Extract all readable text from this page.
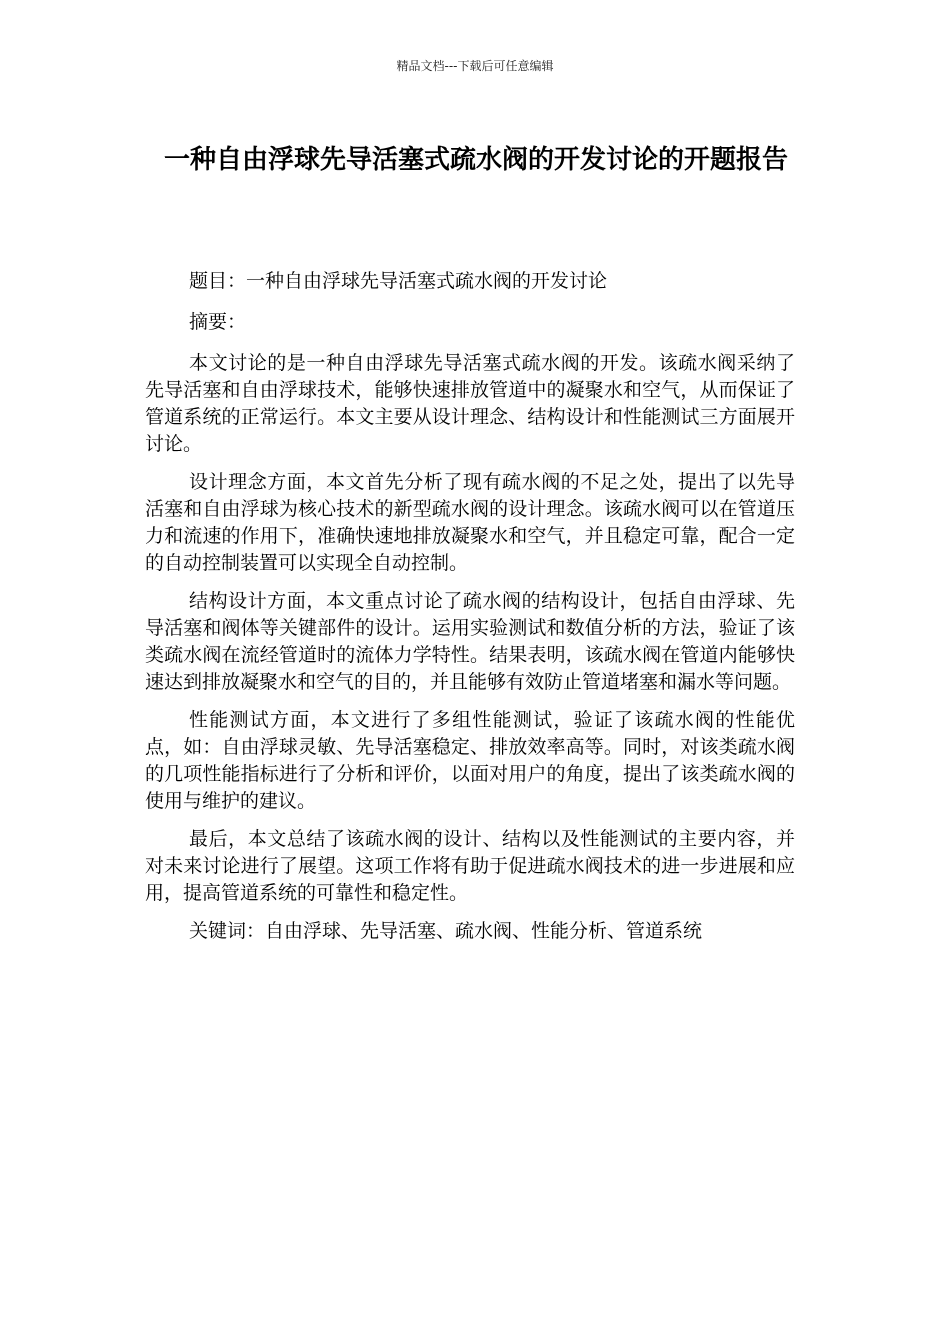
精品文档---下载后可任意编辑
一种自由浮球先导活塞式疏水阀的开发讨论的开题报告

题目：一种自由浮球先导活塞式疏水阀的开发讨论

摘要：

本文讨论的是一种自由浮球先导活塞式疏水阀的开发。该疏水阀采纳了先导活塞和自由浮球技术，能够快速排放管道中的凝聚水和空气，从而保证了管道系统的正常运行。本文主要从设计理念、结构设计和性能测试三方面展开讨论。

设计理念方面，本文首先分析了现有疏水阀的不足之处，提出了以先导活塞和自由浮球为核心技术的新型疏水阀的设计理念。该疏水阀可以在管道压力和流速的作用下，准确快速地排放凝聚水和空气，并且稳定可靠，配合一定的自动控制装置可以实现全自动控制。

结构设计方面，本文重点讨论了疏水阀的结构设计，包括自由浮球、先导活塞和阀体等关键部件的设计。运用实验测试和数值分析的方法，验证了该类疏水阀在流经管道时的流体力学特性。结果表明，该疏水阀在管道内能够快速达到排放凝聚水和空气的目的，并且能够有效防止管道堵塞和漏水等问题。

性能测试方面，本文进行了多组性能测试，验证了该疏水阀的性能优点，如：自由浮球灵敏、先导活塞稳定、排放效率高等。同时，对该类疏水阀的几项性能指标进行了分析和评价，以面对用户的角度，提出了该类疏水阀的使用与维护的建议。

最后，本文总结了该疏水阀的设计、结构以及性能测试的主要内容，并对未来讨论进行了展望。这项工作将有助于促进疏水阀技术的进一步进展和应用，提高管道系统的可靠性和稳定性。

关键词：自由浮球、先导活塞、疏水阀、性能分析、管道系统
